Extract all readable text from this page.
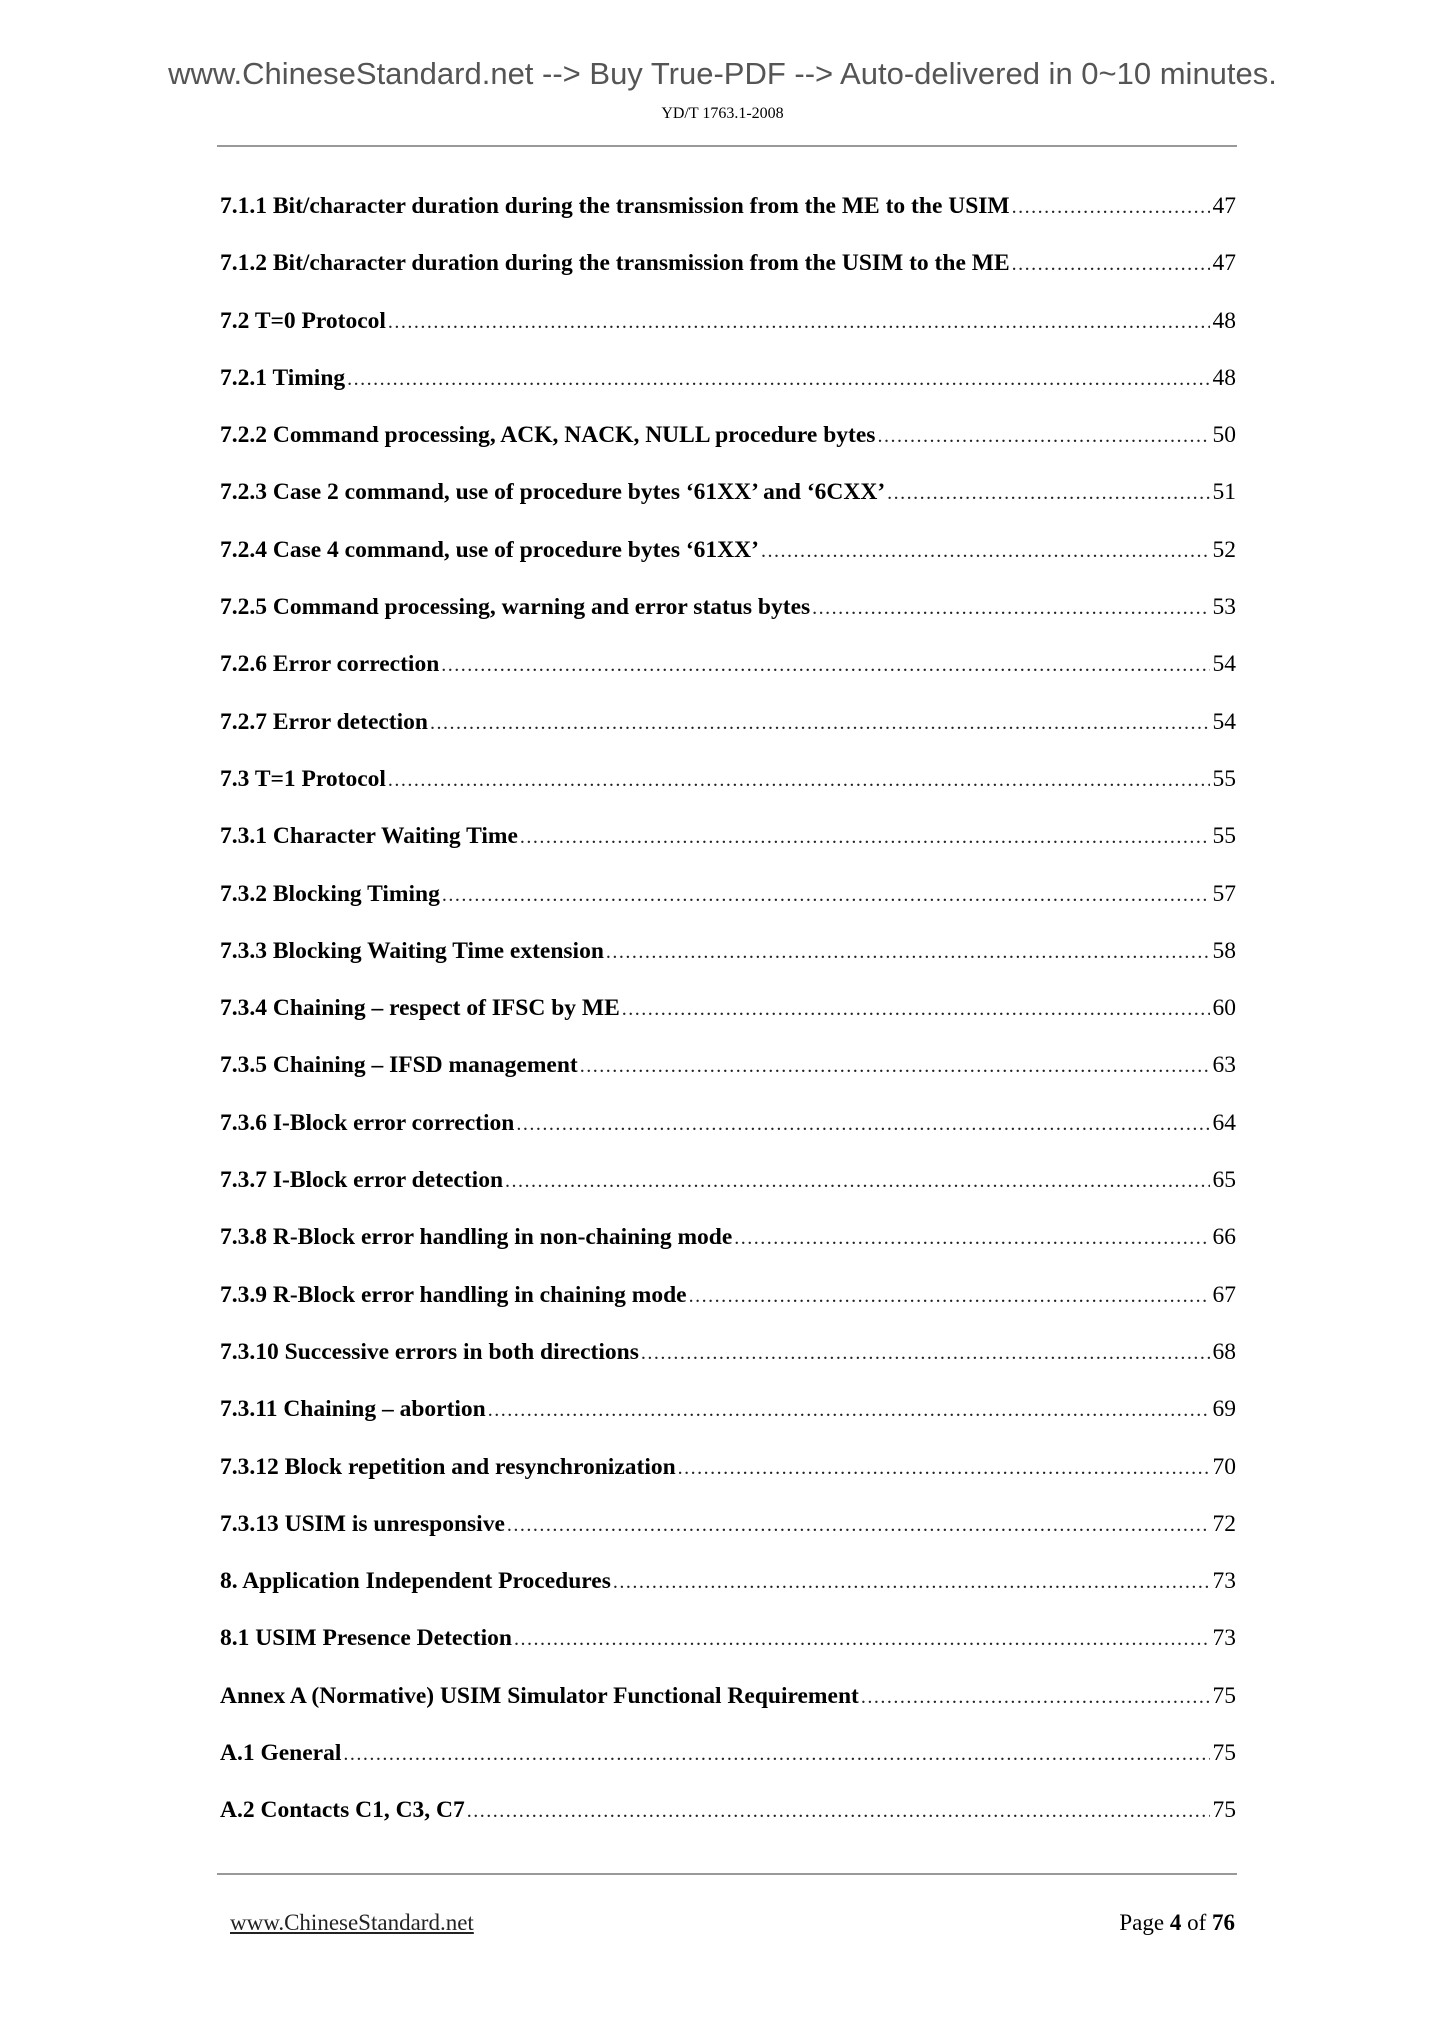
www.ChineseStandard.net --> Buy True-PDF --> Auto-delivered in 0~10 minutes.
YD/T 1763.1-2008
7.1.1 Bit/character duration during the transmission from the ME to the USIM .....	47
7.1.2 Bit/character duration during the transmission from the USIM to the ME .....	47
7.2 T=0 Protocol .....	48
7.2.1 Timing .....	48
7.2.2 Command processing, ACK, NACK, NULL procedure bytes .....	50
7.2.3 Case 2 command, use of procedure bytes ‘61XX’ and ‘6CXX’ .....	51
7.2.4 Case 4 command, use of procedure bytes ‘61XX’ .....	52
7.2.5 Command processing, warning and error status bytes .....	53
7.2.6 Error correction .....	54
7.2.7 Error detection .....	54
7.3 T=1 Protocol .....	55
7.3.1 Character Waiting Time .....	55
7.3.2 Blocking Timing .....	57
7.3.3 Blocking Waiting Time extension .....	58
7.3.4 Chaining – respect of IFSC by ME .....	60
7.3.5 Chaining – IFSD management .....	63
7.3.6 I-Block error correction .....	64
7.3.7 I-Block error detection .....	65
7.3.8 R-Block error handling in non-chaining mode .....	66
7.3.9 R-Block error handling in chaining mode .....	67
7.3.10 Successive errors in both directions .....	68
7.3.11 Chaining – abortion .....	69
7.3.12 Block repetition and resynchronization .....	70
7.3.13 USIM is unresponsive .....	72
8. Application Independent Procedures .....	73
8.1 USIM Presence Detection .....	73
Annex A (Normative) USIM Simulator Functional Requirement .....	75
A.1 General .....	75
A.2 Contacts C1, C3, C7 .....	75
www.ChineseStandard.net	Page 4 of 76
